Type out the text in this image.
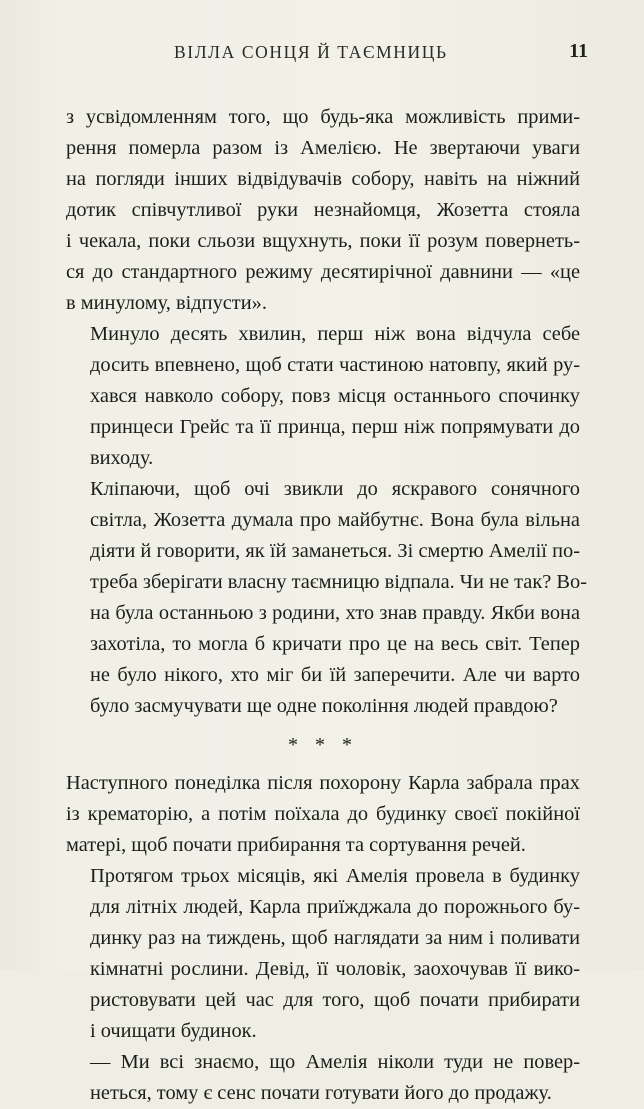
ВІЛЛА СОНЦЯ Й ТАЄМНИЦЬ	11

з усвідомленням того, що будь-яка можливість прими-
рення померла разом із Амелією. Не звертаючи уваги
на погляди інших відвідувачів собору, навіть на ніжний
дотик співчутливої руки незнайомця, Жозетта стояла
і чекала, поки сльози вщухнуть, поки її розум повернеть-
ся до стандартного режиму десятирічної давнини — «це
в минулому, відпусти».

Минуло десять хвилин, перш ніж вона відчула себе
досить впевнено, щоб стати частиною натовпу, який ру-
хався навколо собору, повз місця останнього спочинку
принцеси Грейс та її принца, перш ніж попрямувати до
виходу.

Кліпаючи, щоб очі звикли до яскравого сонячного
світла, Жозетта думала про майбутнє. Вона була вільна
діяти й говорити, як їй заманеться. Зі смертю Амелії по-
треба зберігати власну таємницю відпала. Чи не так? Во-
на була останньою з родини, хто знав правду. Якби вона
захотіла, то могла б кричати про це на весь світ. Тепер
не було нікого, хто міг би їй заперечити. Але чи варто
було засмучувати ще одне покоління людей правдою?

* * *

Наступного понеділка після похорону Карла забрала прах
із крематорію, а потім поїхала до будинку своєї покійної
матері, щоб почати прибирання та сортування речей.

Протягом трьох місяців, які Амелія провела в будинку
для літніх людей, Карла приїжджала до порожнього бу-
динку раз на тиждень, щоб наглядати за ним і поливати
кімнатні рослини. Девід, її чоловік, заохочував її вико-
ристовувати цей час для того, щоб почати прибирати
і очищати будинок.

— Ми всі знаємо, що Амелія ніколи туди не повер-
неться, тому є сенс почати готувати його до продажу.
